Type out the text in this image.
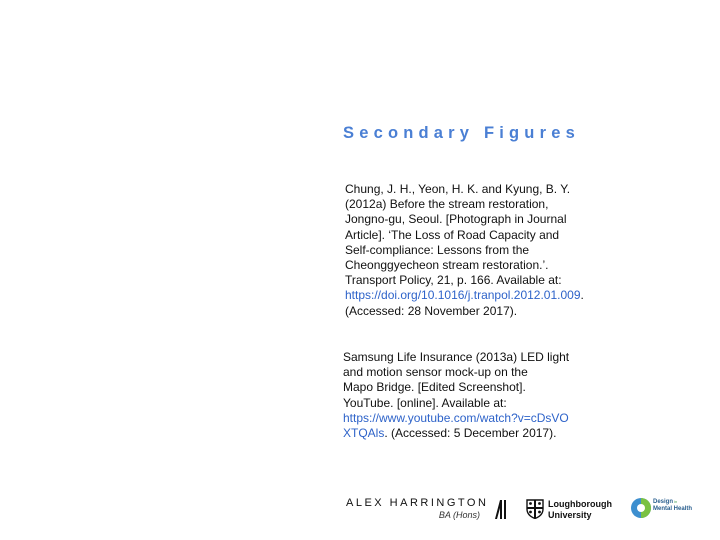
Secondary Figures
Chung, J. H., Yeon, H. K. and Kyung, B. Y.
(2012a) Before the stream restoration,
Jongno-gu, Seoul. [Photograph in Journal
Article]. ‘The Loss of Road Capacity and
Self-compliance: Lessons from the
Cheonggyecheon stream restoration.’.
Transport Policy, 21, p. 166. Available at:
https://doi.org/10.1016/j.tranpol.2012.01.009.
(Accessed: 28 November 2017).
Samsung Life Insurance (2013a) LED light
and motion sensor mock-up on the
Mapo Bridge. [Edited Screenshot].
YouTube. [online]. Available at:
https://www.youtube.com/watch?v=cDsVO
XTQAls. (Accessed: 5 December 2017).
ALEX HARRINGTON
BA (Hons)
Loughborough
University
Design in
Mental Health
